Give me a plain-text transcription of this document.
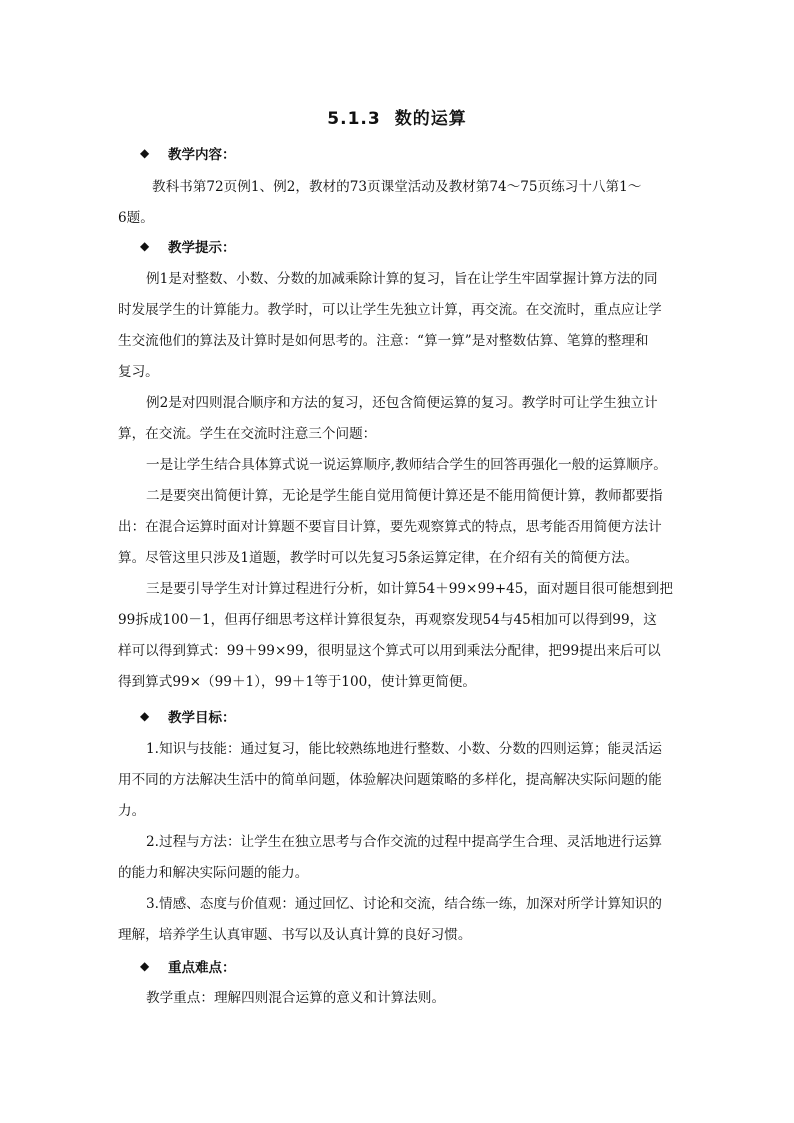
5.1.3 数的运算
◆	教学内容：
教科书第72页例1、例2，教材的73页课堂活动及教材第74～75页练习十八第1～
6题。
◆	教学提示：
例1是对整数、小数、分数的加减乘除计算的复习，旨在让学生牢固掌握计算方法的同
时发展学生的计算能力。教学时，可以让学生先独立计算，再交流。在交流时，重点应让学
生交流他们的算法及计算时是如何思考的。注意：“算一算”是对整数估算、笔算的整理和
复习。
例2是对四则混合顺序和方法的复习，还包含简便运算的复习。教学时可让学生独立计
算，在交流。学生在交流时注意三个问题：
一是让学生结合具体算式说一说运算顺序,教师结合学生的回答再强化一般的运算顺序。
二是要突出简便计算，无论是学生能自觉用简便计算还是不能用简便计算，教师都要指
出：在混合运算时面对计算题不要盲目计算，要先观察算式的特点，思考能否用简便方法计
算。尽管这里只涉及1道题，教学时可以先复习5条运算定律，在介绍有关的简便方法。
三是要引导学生对计算过程进行分析，如计算54＋99×99+45，面对题目很可能想到把
99拆成100－1，但再仔细思考这样计算很复杂，再观察发现54与45相加可以得到99，这
样可以得到算式：99＋99×99，很明显这个算式可以用到乘法分配律，把99提出来后可以
得到算式99×（99＋1），99＋1等于100，使计算更简便。
◆	教学目标：
1.知识与技能：通过复习，能比较熟练地进行整数、小数、分数的四则运算；能灵活运
用不同的方法解决生活中的简单问题，体验解决问题策略的多样化，提高解决实际问题的能
力。
2.过程与方法：让学生在独立思考与合作交流的过程中提高学生合理、灵活地进行运算
的能力和解决实际问题的能力。
3.情感、态度与价值观：通过回忆、讨论和交流，结合练一练，加深对所学计算知识的
理解，培养学生认真审题、书写以及认真计算的良好习惯。
◆	重点难点：
教学重点：理解四则混合运算的意义和计算法则。
